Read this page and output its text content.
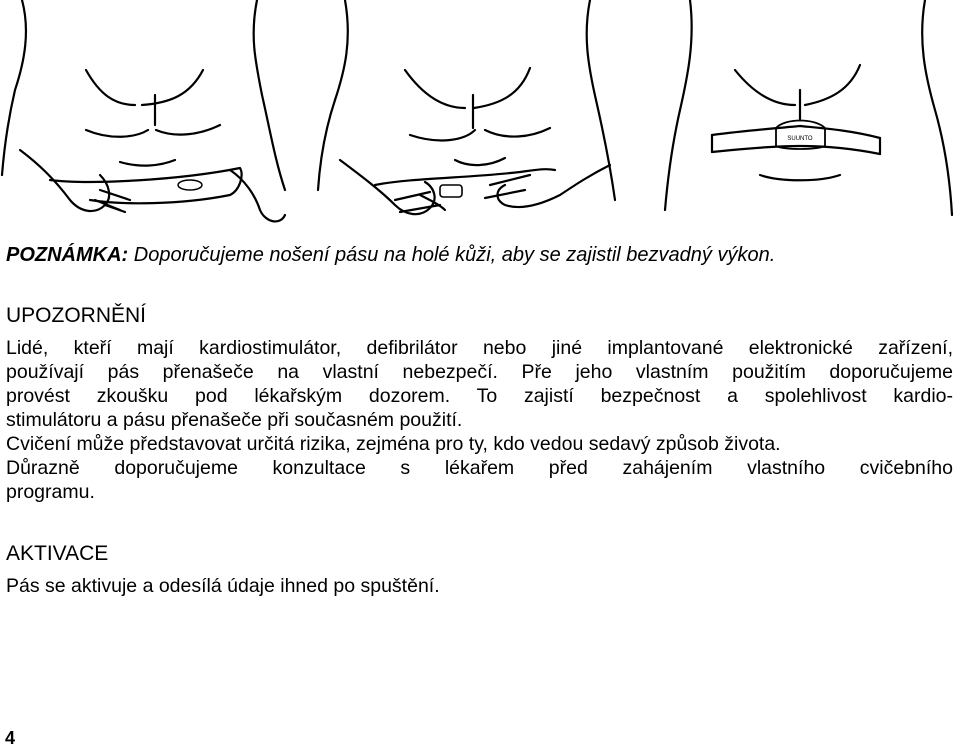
SUUNTO
POZNÁMKA: Doporučujeme nošení pásu na holé kůži, aby se zajistil bezvadný výkon.
UPOZORNĚNÍ
Lidé, kteří mají kardiostimulátor, defibrilátor nebo jiné implantované elektronické zařízení,
používají pás přenašeče na vlastní nebezpečí. Pře jeho vlastním použitím doporučujeme
provést zkoušku pod lékařským dozorem. To zajistí bezpečnost a spolehlivost kardio-
stimulátoru a pásu přenašeče při současném použití.
Cvičení může představovat určitá rizika, zejména pro ty, kdo vedou sedavý způsob života.
Důrazně doporučujeme konzultace s lékařem před zahájením vlastního cvičebního
programu.
AKTIVACE
Pás se aktivuje a odesílá údaje ihned po spuštění.
4
